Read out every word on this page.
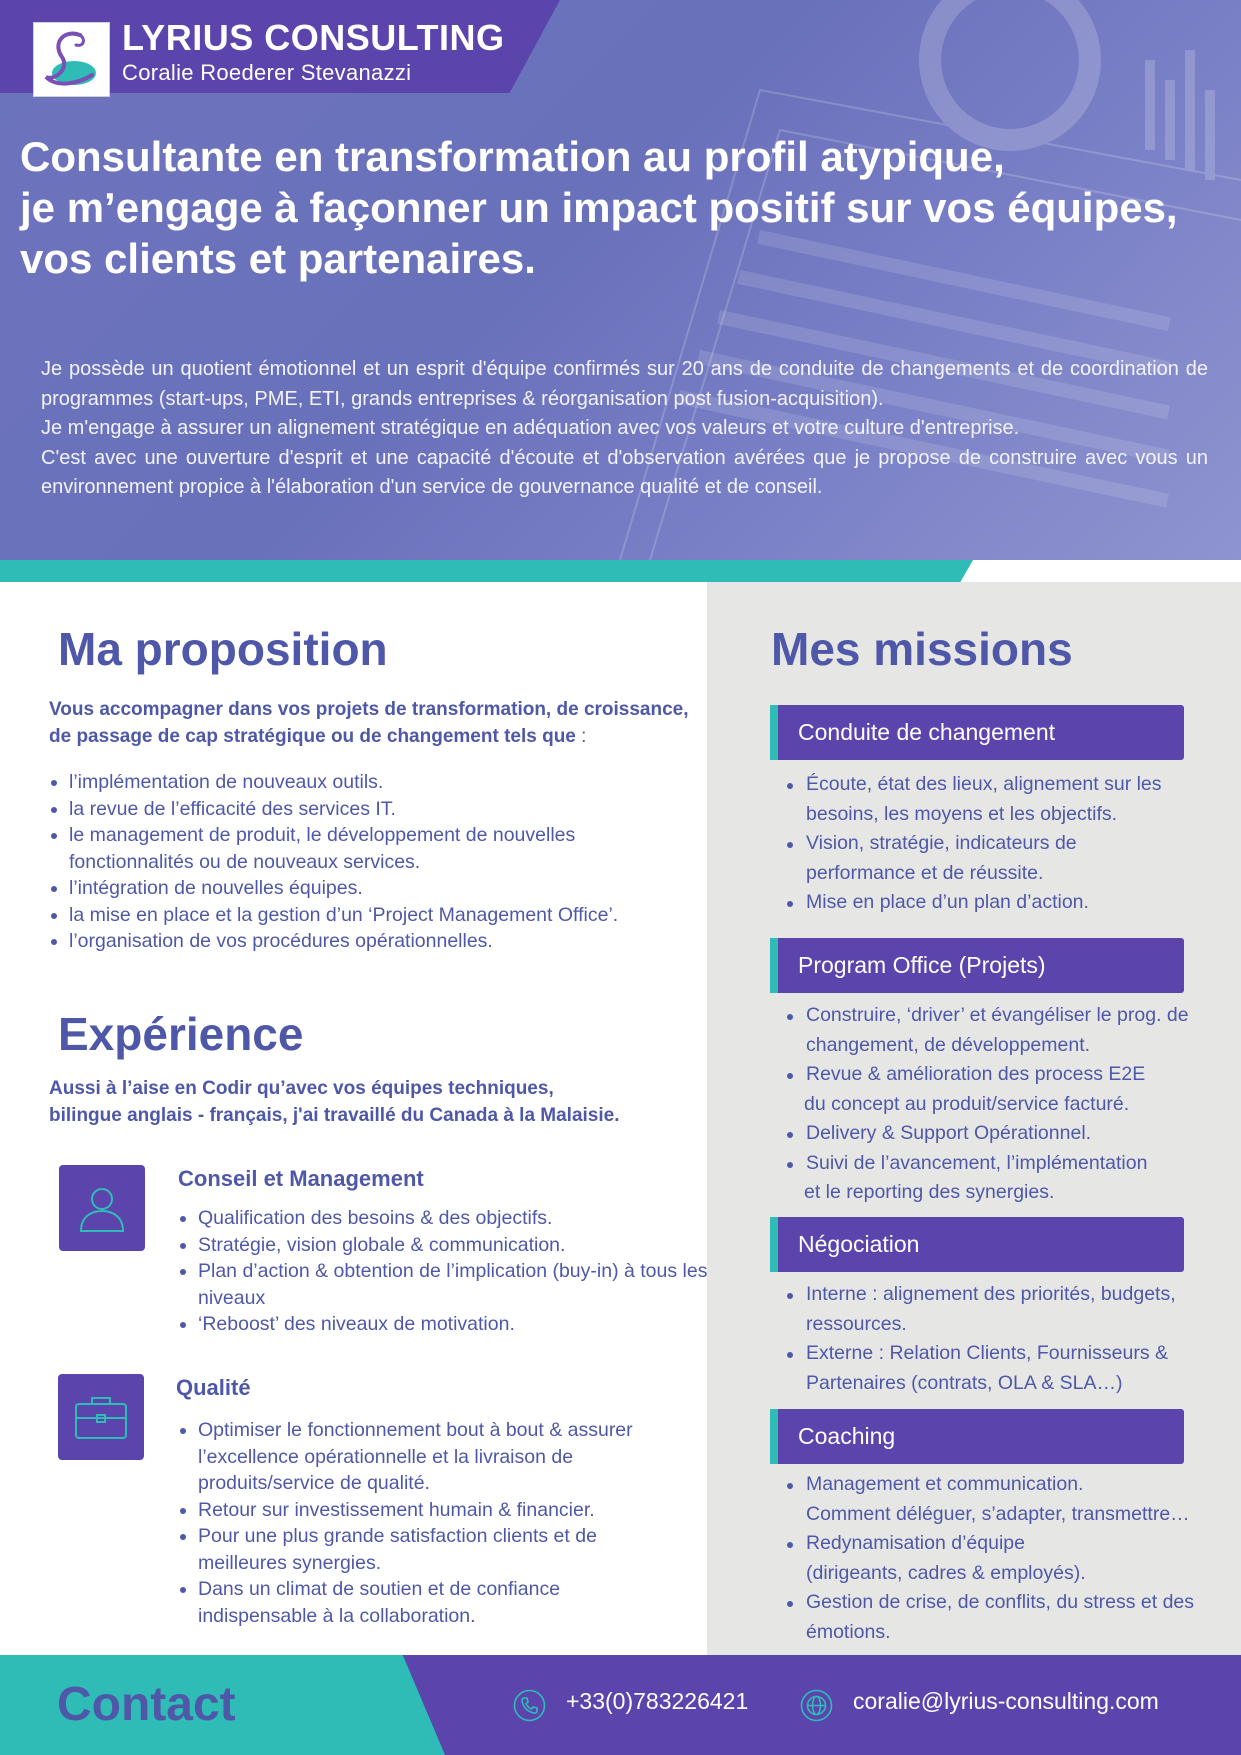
LYRIUS CONSULTING
Coralie Roederer Stevanazzi
Consultante en transformation au profil atypique,
je m’engage à façonner un impact positif sur vos équipes,
vos clients et partenaires.

Je possède un quotient émotionnel et un esprit d'équipe confirmés sur 20 ans de conduite de changements et de coordination de programmes (start-ups, PME, ETI, grands entreprises & réorganisation post fusion-acquisition).

Je m'engage à assurer un alignement stratégique en adéquation avec vos valeurs et votre culture d'entreprise.

C'est avec une ouverture d'esprit et une capacité d'écoute et d'observation avérées que je propose de construire avec vous un environnement propice à l'élaboration d'un service de gouvernance qualité et de conseil.

Ma proposition
Vous accompagner dans vos projets de transformation, de croissance,
de passage de cap stratégique ou de changement tels que :
l’implémentation de nouveaux outils.
la revue de l’efficacité des services IT.
le management de produit, le développement de nouvelles fonctionnalités ou de nouveaux services.
l’intégration de nouvelles équipes.
la mise en place et la gestion d’un ‘Project Management Office’.
l’organisation de vos procédures opérationnelles.
Expérience
Aussi à l’aise en Codir qu’avec vos équipes techniques,
bilingue anglais - français, j'ai travaillé du Canada à la Malaisie.
Conseil et Management
Qualification des besoins & des objectifs.
Stratégie, vision globale & communication.
Plan d’action & obtention de l’implication (buy-in) à tous les niveaux
‘Reboost’ des niveaux de motivation.
Qualité
Optimiser le fonctionnement bout à bout & assurer l’excellence opérationnelle et la livraison de produits/service de qualité.
Retour sur investissement humain & financier.
Pour une plus grande satisfaction clients et de meilleures synergies.
Dans un climat de soutien et de confiance indispensable à la collaboration.
Mes missions
Conduite de changement
Écoute, état des lieux, alignement sur les
besoins, les moyens et les objectifs.
Vision, stratégie, indicateurs de
performance et de réussite.
Mise en place d’un plan d’action.
Program Office (Projets)
Construire, ‘driver’ et évangéliser le prog. de
changement, de développement.
Revue & amélioration des process E2E
du concept au produit/service facturé.
Delivery & Support Opérationnel.
Suivi de l’avancement, l’implémentation
et le reporting des synergies.
Négociation
Interne : alignement des priorités, budgets,
ressources.
Externe : Relation Clients, Fournisseurs &
Partenaires (contrats, OLA & SLA…)
Coaching
Management et communication.
Comment déléguer, s’adapter, transmettre…
Redynamisation d’équipe
(dirigeants, cadres & employés).
Gestion de crise, de conflits, du stress et des
émotions.
Contact	+33(0)783226421	coralie@lyrius-consulting.com
